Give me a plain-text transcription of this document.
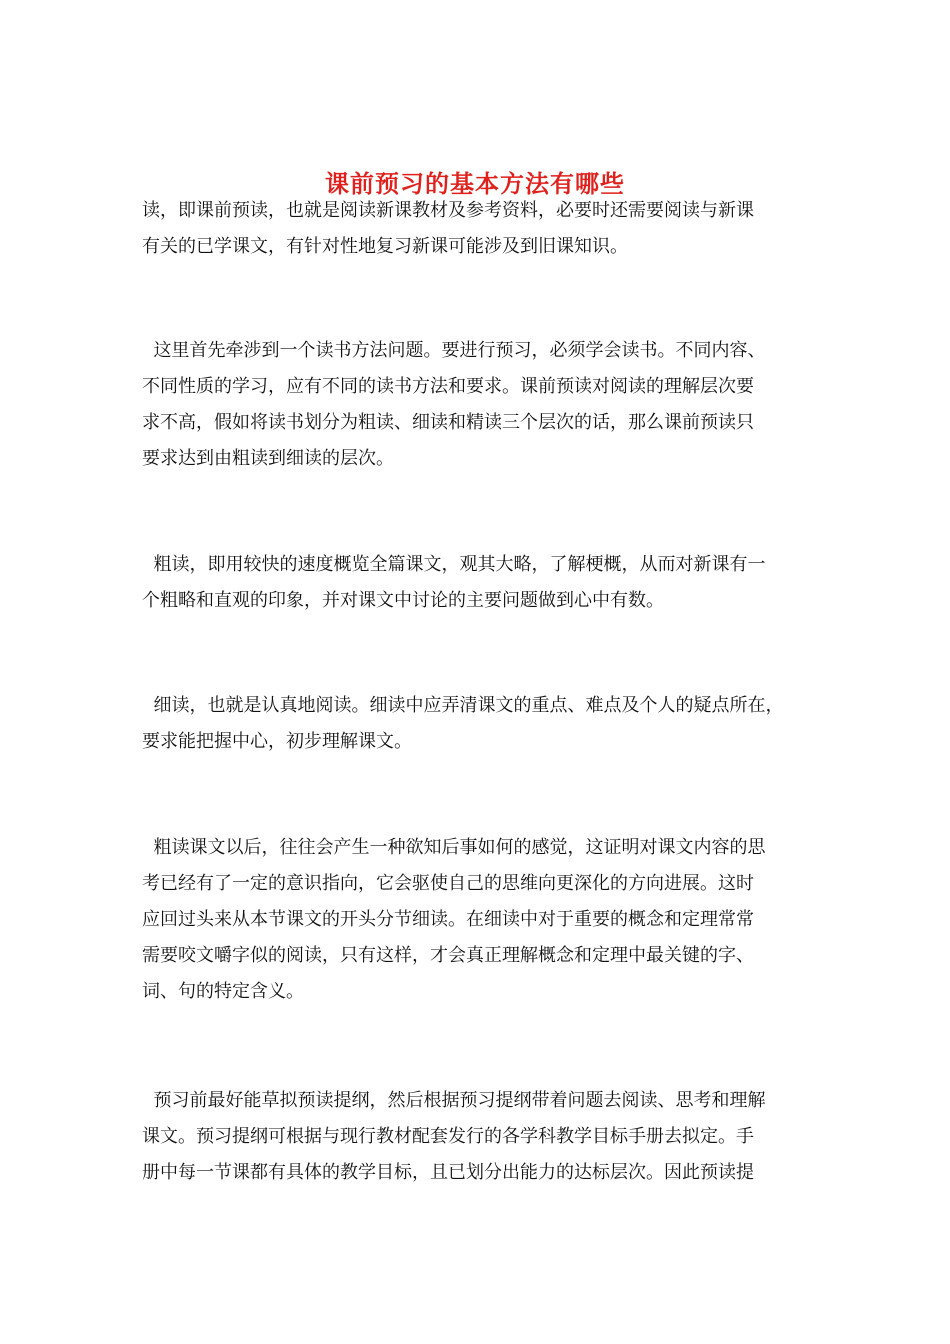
课前预习的基本方法有哪些

读，即课前预读，也就是阅读新课教材及参考资料，必要时还需要阅读与新课
有关的已学课文，有针对性地复习新课可能涉及到旧课知识。

这里首先牵涉到一个读书方法问题。要进行预习，必须学会读书。不同内容、
不同性质的学习，应有不同的读书方法和要求。课前预读对阅读的理解层次要
求不高，假如将读书划分为粗读、细读和精读三个层次的话，那么课前预读只
要求达到由粗读到细读的层次。

粗读，即用较快的速度概览全篇课文，观其大略，了解梗概，从而对新课有一
个粗略和直观的印象，并对课文中讨论的主要问题做到心中有数。

细读，也就是认真地阅读。细读中应弄清课文的重点、难点及个人的疑点所在，
要求能把握中心，初步理解课文。

粗读课文以后，往往会产生一种欲知后事如何的感觉，这证明对课文内容的思
考已经有了一定的意识指向，它会驱使自己的思维向更深化的方向进展。这时
应回过头来从本节课文的开头分节细读。在细读中对于重要的概念和定理常常
需要咬文嚼字似的阅读，只有这样，才会真正理解概念和定理中最关键的字、
词、句的特定含义。

预习前最好能草拟预读提纲，然后根据预习提纲带着问题去阅读、思考和理解
课文。预习提纲可根据与现行教材配套发行的各学科教学目标手册去拟定。手
册中每一节课都有具体的教学目标，且已划分出能力的达标层次。因此预读提
